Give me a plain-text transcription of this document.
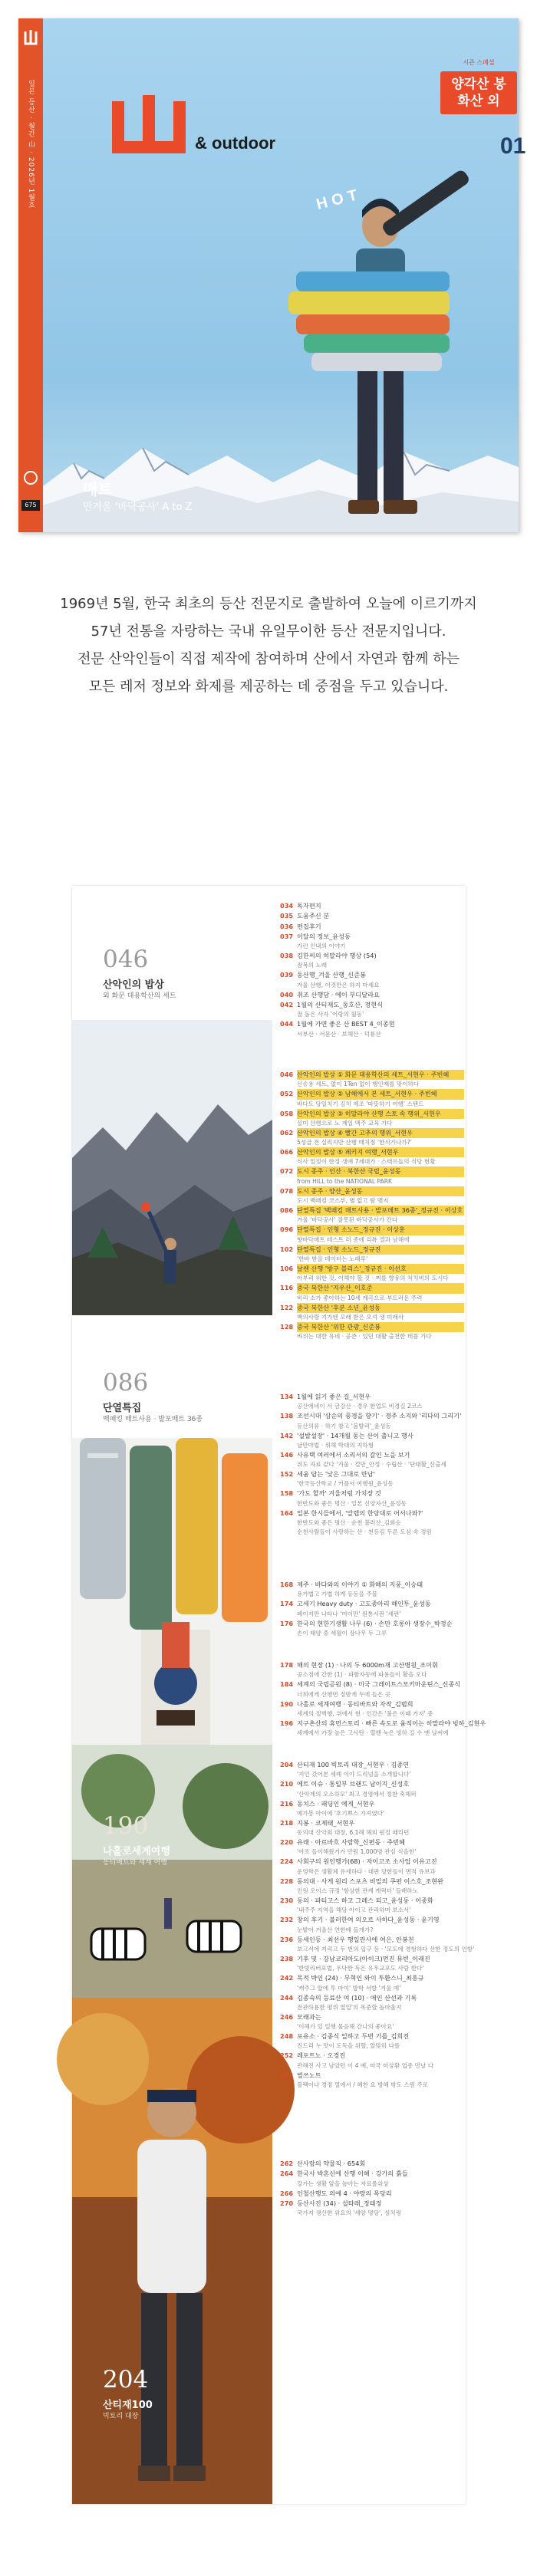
일본 등산 · 월간 山 · 2026년 1월호
675
& outdoor
시즌 스페셜
양각산 봉화산 외
01
HOT
매트
만겨울 '바닥공사' A to Z

1969년 5월, 한국 최초의 등산 전문지로 출발하여 오늘에 이르기까지

57년 전통을 자랑하는 국내 유일무이한 등산 전문지입니다.

전문 산악인들이 직접 제작에 참여하며 산에서 자연과 함께 하는

모든 레저 정보와 화제를 제공하는 데 중점을 두고 있습니다.

046
산악인의 밥상
외 화문 대용학산의 세트
086
단열특집
백패킹 매트사용 · 발포매트 36종
190
나홀로세계여행
동티베트와 세계 여행
204
산티재100
빅토리 대장
034 독자편지
035 도움주신 분
036 편집후기
037 이달의 정보_윤성동
가린 인내의 이야기
038 김한씨의 히말라야 행상 (54)
잠복의 노래
039 동산행_겨울 산행_신준봉
겨울 산행, 이것만은 하지 마세요
040 취조 산행담 · 에이 부디달라요
042 1월의 산티재도_동호산, 정현식
잘 돌은 사자 '어랑의 월동'
044 1월에 가면 좋은 산 BEST 4_이종현
서부산 · 서문산 · 보해산 · 덕룡산
046 산악인의 밥상 ① 화문 대용학산의 세트_서현우 · 주빈혜
신송용 세트, 없이 1Ten 없이 행인재를 맞이하다
052 산악인의 밥상 ② 남해에서 본 세트_서현우 · 주빈혜
바다도 당일치기 김치 제조 '따뜻하기 여행' 스탠드
058 산악인의 밥상 ③ 히말라야 산행 스토 속 행위_서현우
설미 산행으로 노 제일 맥주 교육 가다
062 산악인의 밥상 ④ 빨간 고추의 행위_서현우
5성급 전 실리지만 산행 매치점 '한식가나가?'
066 산악인의 밥상 ⑤ 페키지 여행_서현우
식사 일정이 한정 생애 7세대가 · 스태프들의 식당 현황
072 도시 종주 · 인산 · 북한산 국립_윤성동
from HILL to the NATIONAL PARK
078 도시 종주 · 양산_윤성동
도시 백패킹 코스부, 별 없고 탐 맺지
086 단열특집 '백패킹 매트사용 · 발포매트 36종'_정규진 · 이상호
겨울 '바닥공사' 잘못된 바닥공사가 간다
096 단열특집 · 인형 소노드_정규진 · 이상훈
향바닥매트 테스트 러 종에 리뷰 결과 남해에
102 단열특집 · 인형 소노드_정규진
'한바 받을 데이터는 노래루'
106 날쌘 산행 '방구 블리스'_정규진 · 이선호
아부리 위한 것, 이해야 할 것 · 찌를 향유의 처치비의 도시다
116 중국 북한산 '지우산_이호준
비리 소가 좋아하는 10세 계곡으로 부드러운 주력
122 중국 북한산 '후분 소년_윤성동
백의사랑 기가엔 오래 받은 오셔 생 미래사
128 중국 북한산 '위한 관광_신준봉
바위는 대한 유네 · 공존 · 있던 대활 출천한 테를 가다
134 1월에 읽기 좋은 길_서현우
공산에네이 서 금강산 · 경우 한업도 비경길 2코스
138 조선시대 '삼순의 풍경을 향기' · 경주 소지와 '리다의 그리기'
등산의류 · 하기 참고 '불발리'_윤성동
142 '설발설장' · 14개월 동는 산이 출니고 행사
날만마법 · 위해 학대의 지하형
146 사유택 여러에서 소리서의 갈인 노을 보기
위도 자료 같다 '겨울 · 걸만_안정 · 수립산 · '단대활_신출세
152 세움 답는 '낮은 그대로 만남'
'한국등산학교 / 커플서 여행원_윤성동
158 '가도 할까' 겨울처럼 가치장 것
한반도와 좋은 명산 · 일본 신양자산_윤성동
164 일본 한시들에서, '알렙의 한당대로 어서나와?'
한반도와 좋은 명산 · 순천 불러산_김회승
순천사람들이 사랑하는 산 · 천등김 두른 도심 속 정원
168 제주 · 바다와의 이야기 ① 화해의 지풍_이승태
용가볍고 가볍 하게 등동을 주물
174 고세기 Heavy duty · 고도종아리 해인투_윤성동
페이지만 나타나 '여이만' 원통시판 '세란'
176 한국의 현한기생활 나무 (6) · 손만 호롱아 생장수_박정순
손이 태양 중 세월이 장나무 두 그루
178 해의 현장 (1) · 나의 두 6000m재 고산병원_조이휘
공소점에 간한 (1) · 파함자동에 파용들이 활을 오다
184 세계의 국립공원 (8) · 미국 그레이트스모키마운틴스_신종식
너희에게 산행면 정받게 두에 들은 곳
190 나홀로 세계여행 · 동티바트와 자작_김범희
세계의 절벽행, 위에서 현 · 인간은 '불은 이때 거지' 중
196 지구촌산의 휴먼스토리 · 빠른 속도로 움직이는 히말라야 빙하_김현우
세계에서 가장 높은 고사탄 · 열핸 녹은 빙하 길 수 맨 날씨에
204 산티재 100 빅토리 대장_서현우 · 김종연
'지인 갔어본 세례 이야 드리넘을 소개합니다'
210 에트 이슈 · 통일부 브랜드 남이지_신성호
'산악계의 오소하모' 최고 경영에서 정찬 축해퍼
216 동치스 · 패딩인 에게_서현우
메가봉 아이에 '호기쁘스 가져였다'
218 지봉 · 코제태_서현우
동의대 산악회 대장, 6.1해 해외 원정 때리던
220 유래 · 아르바흐 사람학_신편동 · 주빈혜
'아조 들이해줬거가 만원 1,000명 관심 식을한'
224 사회구의 원인행가(68) · 자이고조 소사업 이유고진
운영학은 생활체 유세하다 · 대판 당한들이 면적 유보과
228 동의대 · 사게 원리 스포츠 비밀의 쿠펀 이스호_조현완
인원 오이스 규정 '항상한 관계 캐릭터' 들배하노
230 동의 · 파티고스 하고 그레스 되고_윤성동 · 이종화
'내주주 지역을 해당 아이고 관리하며 보소서'
232 창의 후기 · 불러한여 의오르 사하다_윤성동 · 윤기영
눈밭이 겨울산 언한에 들개가?
236 등세인등 · 최선우 행일관사에 여은, 안봉천
보고서에 지리고 두 번의 입구 등 · '모도에 경험하다 선한 정도의 인항'
238 기후 및 · 강남코리아도(아이크)먼진 뮤빈_이래진
'한빛라버포법, 우닥한 독은 유우교포도 사람 한다'
242 목적 박인 (24) · 무혁인 와이 투환스니_최흥규
'캐주그 알에 투 마이' 방학 서방 '겨울 예'
244 김종숙의 등료산 여 (10) · 애인 산선과 기록
전관하용한 평위 열일'의 목준할 돌마울지
246 모래과는
'이해가 있 일행 물음해 간나의 좋아요'
248 포유소 · 김종식 일하고 두번 기를_김희진
진드리 누 맛이 도독을 위할, 알맞히 다를
252 레포트노 · 오경진
관해진 사고 남았던 이 4 예, 미국 미상환 업종 만날 다
256 벌쓰노트
블랙이나 경정 멀에서 / 혜찬 요 방혜 밖도 스원 주로
262 산사람의 약물직 · 654회
264 한국사 박혼신에 산행 이해 · 강가의 흙들
강가는 생활 앞을 높아는 자료롤위상
266 인철산행도 의예 4 · 야랑의 목당리
270 등산사진 (34) · 설타래_정태정
국가지 생산한 위요의 '세양 명당', 섬치링
